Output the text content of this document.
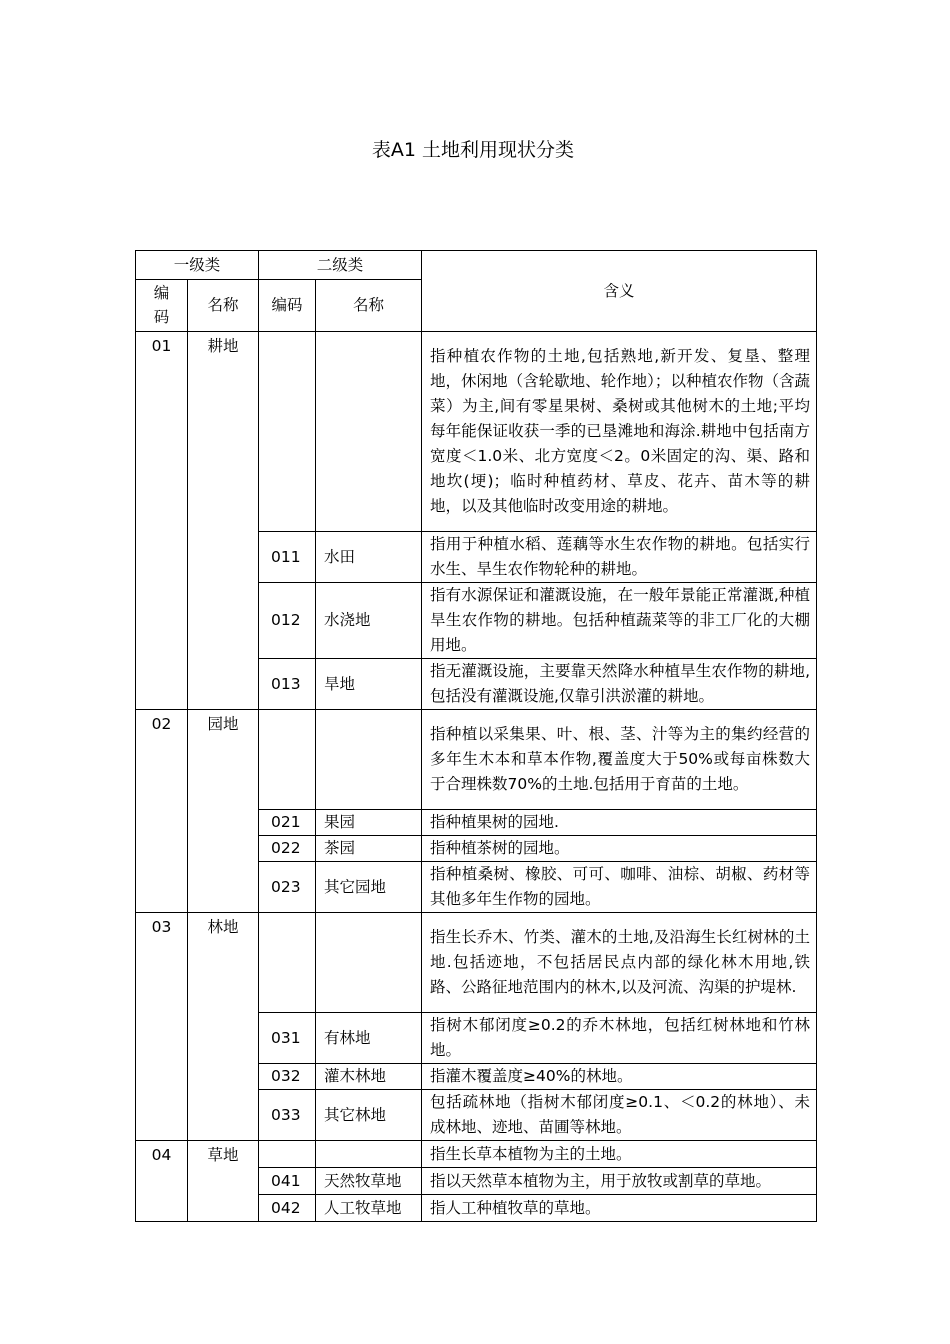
表A1 土地利用现状分类
一级类		二级类		含义
编
码	名称	编码	名称	
01	耕地			指种植农作物的土地,包括熟地,新开发、复垦、整理地，休闲地（含轮歇地、轮作地）；以种植农作物（含蔬菜）为主,间有零星果树、桑树或其他树木的土地;平均每年能保证收获一季的已垦滩地和海涂.耕地中包括南方宽度＜1.0米、北方宽度＜2。0米固定的沟、渠、路和地坎(埂)；临时种植药材、草皮、花卉、苗木等的耕地，以及其他临时改变用途的耕地。
		011	水田	指用于种植水稻、莲藕等水生农作物的耕地。包括实行水生、旱生农作物轮种的耕地。
		012	水浇地	指有水源保证和灌溉设施，在一般年景能正常灌溉,种植旱生农作物的耕地。包括种植蔬菜等的非工厂化的大棚用地。
		013	旱地	指无灌溉设施，主要靠天然降水种植旱生农作物的耕地,包括没有灌溉设施,仅靠引洪淤灌的耕地。
02	园地			指种植以采集果、叶、根、茎、汁等为主的集约经营的多年生木本和草本作物,覆盖度大于50%或每亩株数大于合理株数70%的土地.包括用于育苗的土地。
		021	果园	指种植果树的园地.
		022	茶园	指种植茶树的园地。
		023	其它园地	指种植桑树、橡胶、可可、咖啡、油棕、胡椒、药材等其他多年生作物的园地。
03	林地			指生长乔木、竹类、灌木的土地,及沿海生长红树林的土地.包括迹地，不包括居民点内部的绿化林木用地,铁路、公路征地范围内的林木,以及河流、沟渠的护堤林.
		031	有林地	指树木郁闭度≥0.2的乔木林地，包括红树林地和竹林地。
		032	灌木林地	指灌木覆盖度≥40%的林地。
		033	其它林地	包括疏林地（指树木郁闭度≥0.1、＜0.2的林地）、未成林地、迹地、苗圃等林地。
04	草地			指生长草本植物为主的土地。
		041	天然牧草地	指以天然草本植物为主，用于放牧或割草的草地。
		042	人工牧草地	指人工种植牧草的草地。
